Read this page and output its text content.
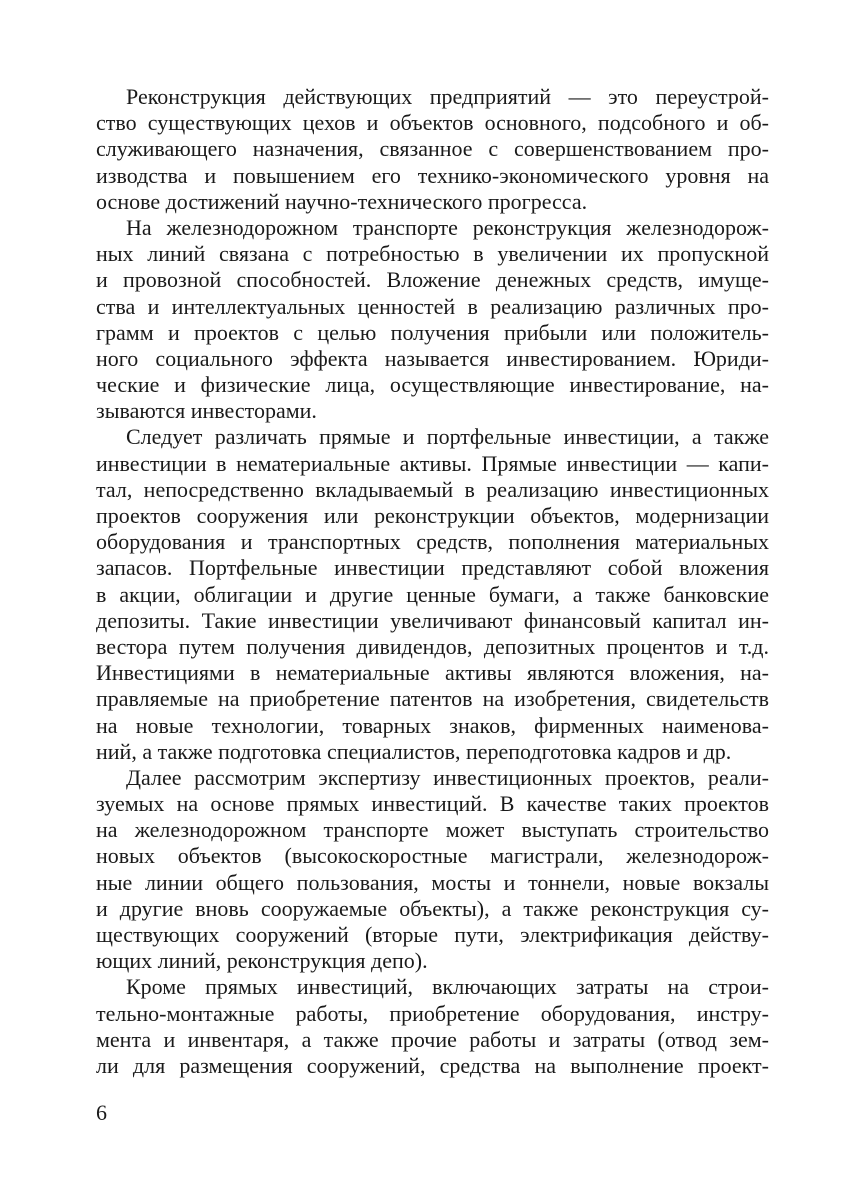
Реконструкция действующих предприятий — это переустрой-
ство существующих цехов и объектов основного, подсобного и об-
служивающего назначения, связанное с совершенствованием про-
изводства и повышением его технико-экономического уровня на
основе достижений научно-технического прогресса.

На железнодорожном транспорте реконструкция железнодорож-
ных линий связана с потребностью в увеличении их пропускной
и провозной способностей. Вложение денежных средств, имуще-
ства и интеллектуальных ценностей в реализацию различных про-
грамм и проектов с целью получения прибыли или положитель-
ного социального эффекта называется инвестированием. Юриди-
ческие и физические лица, осуществляющие инвестирование, на-
зываются инвесторами.

Следует различать прямые и портфельные инвестиции, а также
инвестиции в нематериальные активы. Прямые инвестиции — капи-
тал, непосредственно вкладываемый в реализацию инвестиционных
проектов сооружения или реконструкции объектов, модернизации
оборудования и транспортных средств, пополнения материальных
запасов. Портфельные инвестиции представляют собой вложения
в акции, облигации и другие ценные бумаги, а также банковские
депозиты. Такие инвестиции увеличивают финансовый капитал ин-
вестора путем получения дивидендов, депозитных процентов и т.д.
Инвестициями в нематериальные активы являются вложения, на-
правляемые на приобретение патентов на изобретения, свидетельств
на новые технологии, товарных знаков, фирменных наименова-
ний, а также подготовка специалистов, переподготовка кадров и др.

Далее рассмотрим экспертизу инвестиционных проектов, реали-
зуемых на основе прямых инвестиций. В качестве таких проектов
на железнодорожном транспорте может выступать строительство
новых объектов (высокоскоростные магистрали, железнодорож-
ные линии общего пользования, мосты и тоннели, новые вокзалы
и другие вновь сооружаемые объекты), а также реконструкция су-
ществующих сооружений (вторые пути, электрификация действу-
ющих линий, реконструкция депо).

Кроме прямых инвестиций, включающих затраты на строи-
тельно-монтажные работы, приобретение оборудования, инстру-
мента и инвентаря, а также прочие работы и затраты (отвод зем-
ли для размещения сооружений, средства на выполнение проект-

6
